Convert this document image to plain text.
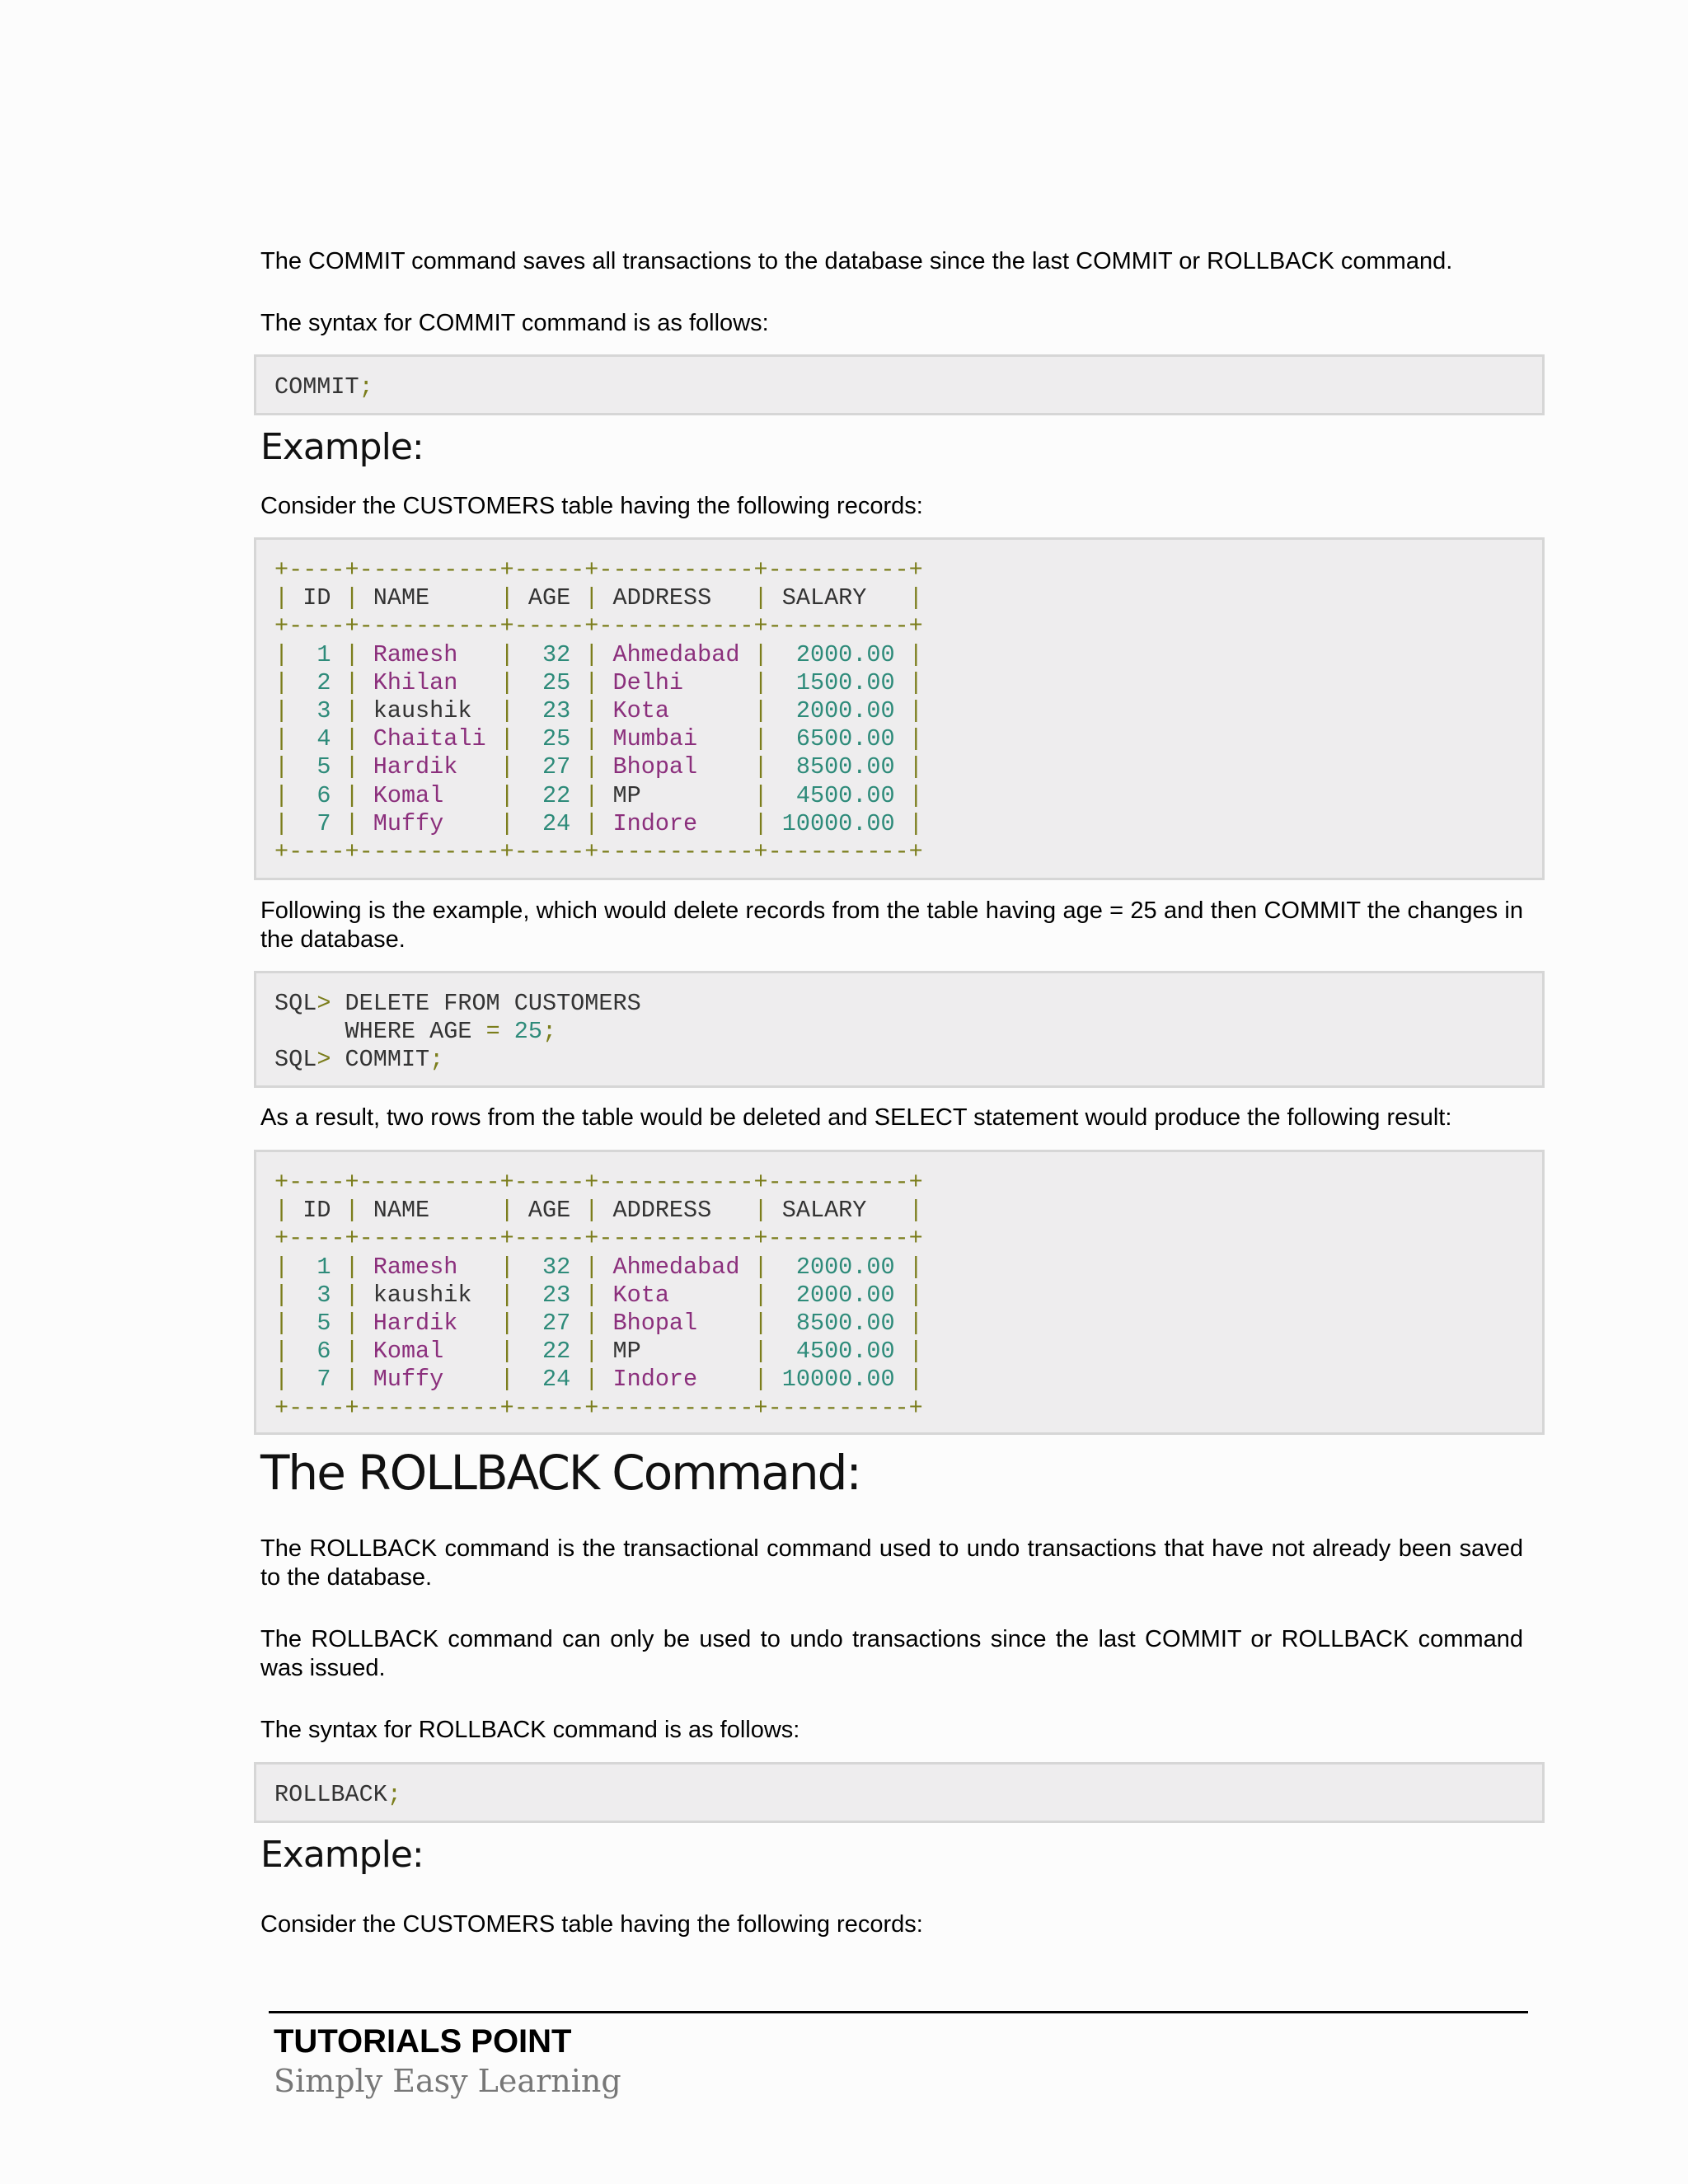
The COMMIT command saves all transactions to the database since the last COMMIT or ROLLBACK command.

The syntax for COMMIT command is as follows:

COMMIT;
Example:

Consider the CUSTOMERS table having the following records:

+----+----------+-----+-----------+----------+
| ID | NAME     | AGE | ADDRESS   | SALARY   |
+----+----------+-----+-----------+----------+
|  1 | Ramesh   |  32 | Ahmedabad |  2000.00 |
|  2 | Khilan   |  25 | Delhi     |  1500.00 |
|  3 | kaushik  |  23 | Kota      |  2000.00 |
|  4 | Chaitali |  25 | Mumbai    |  6500.00 |
|  5 | Hardik   |  27 | Bhopal    |  8500.00 |
|  6 | Komal    |  22 | MP        |  4500.00 |
|  7 | Muffy    |  24 | Indore    | 10000.00 |
+----+----------+-----+-----------+----------+

Following is the example, which would delete records from the table having age = 25 and then COMMIT the changes in the database.

SQL> DELETE FROM CUSTOMERS
WHERE AGE = 25;
SQL> COMMIT;

As a result, two rows from the table would be deleted and SELECT statement would produce the following result:

+----+----------+-----+-----------+----------+
| ID | NAME     | AGE | ADDRESS   | SALARY   |
+----+----------+-----+-----------+----------+
|  1 | Ramesh   |  32 | Ahmedabad |  2000.00 |
|  3 | kaushik  |  23 | Kota      |  2000.00 |
|  5 | Hardik   |  27 | Bhopal    |  8500.00 |
|  6 | Komal    |  22 | MP        |  4500.00 |
|  7 | Muffy    |  24 | Indore    | 10000.00 |
+----+----------+-----+-----------+----------+
The ROLLBACK Command:

The ROLLBACK command is the transactional command used to undo transactions that have not already been saved to the database.

The ROLLBACK command can only be used to undo transactions since the last COMMIT or ROLLBACK command was issued.

The syntax for ROLLBACK command is as follows:

ROLLBACK;
Example:

Consider the CUSTOMERS table having the following records:

TUTORIALS POINT
Simply Easy Learning
